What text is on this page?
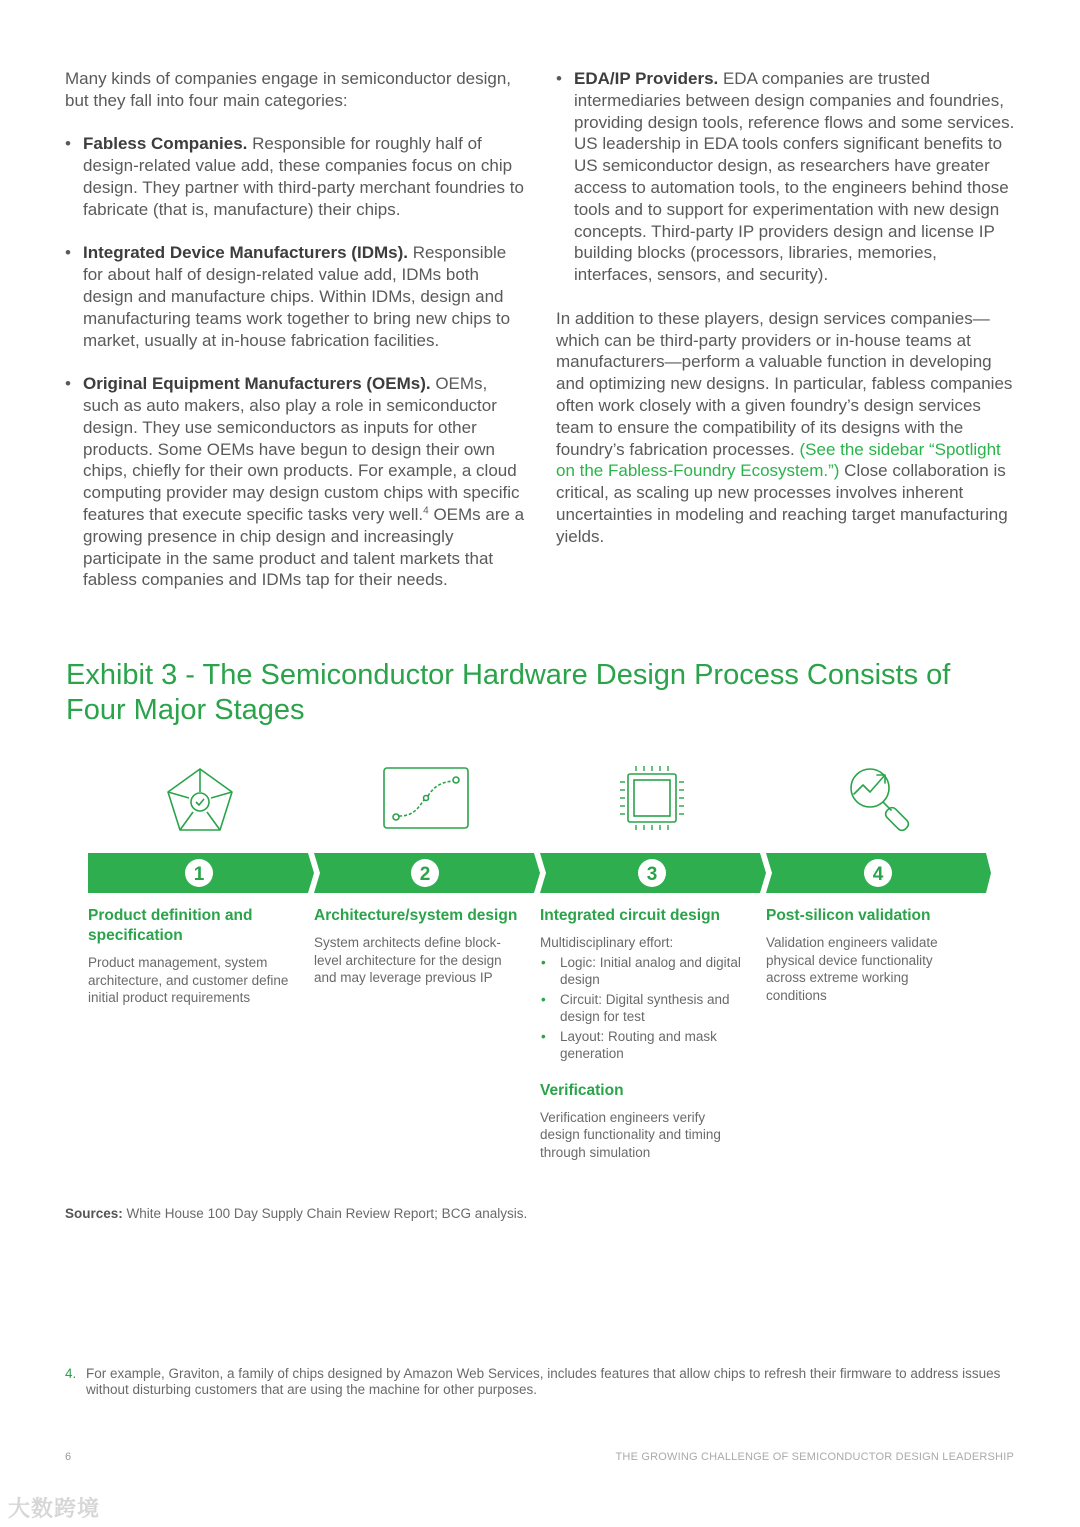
Many kinds of companies engage in semiconductor design, but they fall into four main categories:

• Fabless Companies. Responsible for roughly half of design-related value add, these companies focus on chip design. They partner with third-party merchant foundries to fabricate (that is, manufacture) their chips.
• Integrated Device Manufacturers (IDMs). Responsible for about half of design-related value add, IDMs both design and manufacture chips. Within IDMs, design and manufacturing teams work together to bring new chips to market, usually at in-house fabrication facilities.
• Original Equipment Manufacturers (OEMs). OEMs, such as auto makers, also play a role in semiconductor design. They use semiconductors as inputs for other products. Some OEMs have begun to design their own chips, chiefly for their own products. For example, a cloud computing provider may design custom chips with specific features that execute specific tasks very well.$^4$ OEMs are a growing presence in chip design and increasingly participate in the same product and talent markets that fabless companies and IDMs tap for their needs.
• EDA/IP Providers. EDA companies are trusted intermediaries between design companies and foundries, providing design tools, reference flows and some services. US leadership in EDA tools confers significant benefits to US semiconductor design, as researchers have greater access to automation tools, to the engineers behind those tools and to support for experimentation with new design concepts. Third-party IP providers design and license IP building blocks (processors, libraries, memories, interfaces, sensors, and security).

In addition to these players, design services companies—which can be third-party providers or in-house teams at manufacturers—perform a valuable function in developing and optimizing new designs. In particular, fabless companies often work closely with a given foundry’s design services team to ensure the compatibility of its designs with the foundry’s fabrication processes. (See the sidebar “Spotlight on the Fabless-Foundry Ecosystem.”) Close collaboration is critical, as scaling up new processes involves inherent uncertainties in modeling and reaching target manufacturing yields.

Exhibit 3 - The Semiconductor Hardware Design Process Consists of Four Major Stages
1	2	3	4
Product definition and specification
Product management, system architecture, and customer define initial product requirements
Architecture/system design
System architects define block-level architecture for the design and may leverage previous IP
Integrated circuit design
Multidisciplinary effort:
• Logic: Initial analog and digital design
• Circuit: Digital synthesis and design for test
• Layout: Routing and mask generation
Verification
Verification engineers verify design functionality and timing through simulation
Post-silicon validation
Validation engineers validate physical device functionality across extreme working conditions
Sources: White House 100 Day Supply Chain Review Report; BCG analysis.
4. For example, Graviton, a family of chips designed by Amazon Web Services, includes features that allow chips to refresh their firmware to address issues without disturbing customers that are using the machine for other purposes.
6	THE GROWING CHALLENGE OF SEMICONDUCTOR DESIGN LEADERSHIP
大数跨境
